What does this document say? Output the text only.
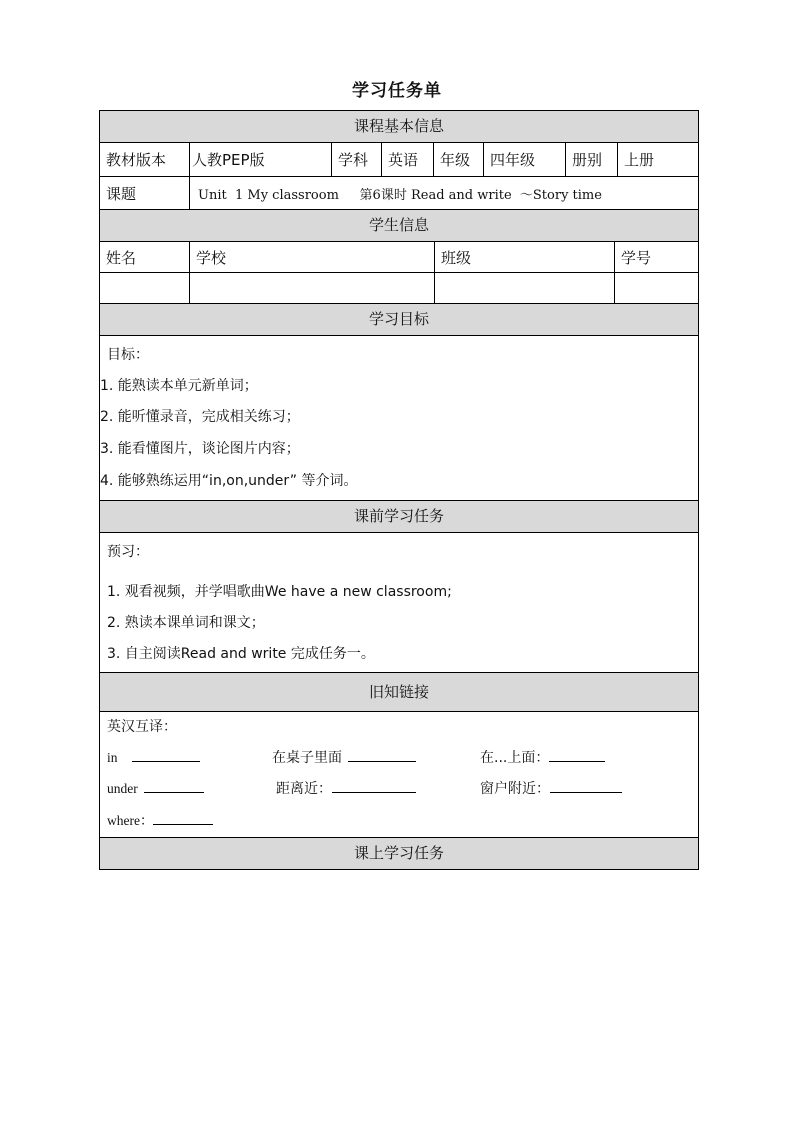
学习任务单
课程基本信息
教材版本	人教PEP版	学科	英语	年级	四年级	册别	上册
课题	Unit  1 My classroom     第6课时 Read and write  ～Story time
学生信息
姓名	学校	班级	学号
学习目标
目标：
1. 能熟读本单元新单词；
2. 能听懂录音，完成相关练习；
3. 能看懂图片，谈论图片内容；
4. 能够熟练运用“in,on,under” 等介词。
课前学习任务
预习：
1. 观看视频，并学唱歌曲We have a new classroom;
2. 熟读本课单词和课文；
3. 自主阅读Read and write 完成任务一。
旧知链接
英汉互译：
in	在桌子里面	在...上面：
under	距离近：	窗户附近：
where：
课上学习任务
